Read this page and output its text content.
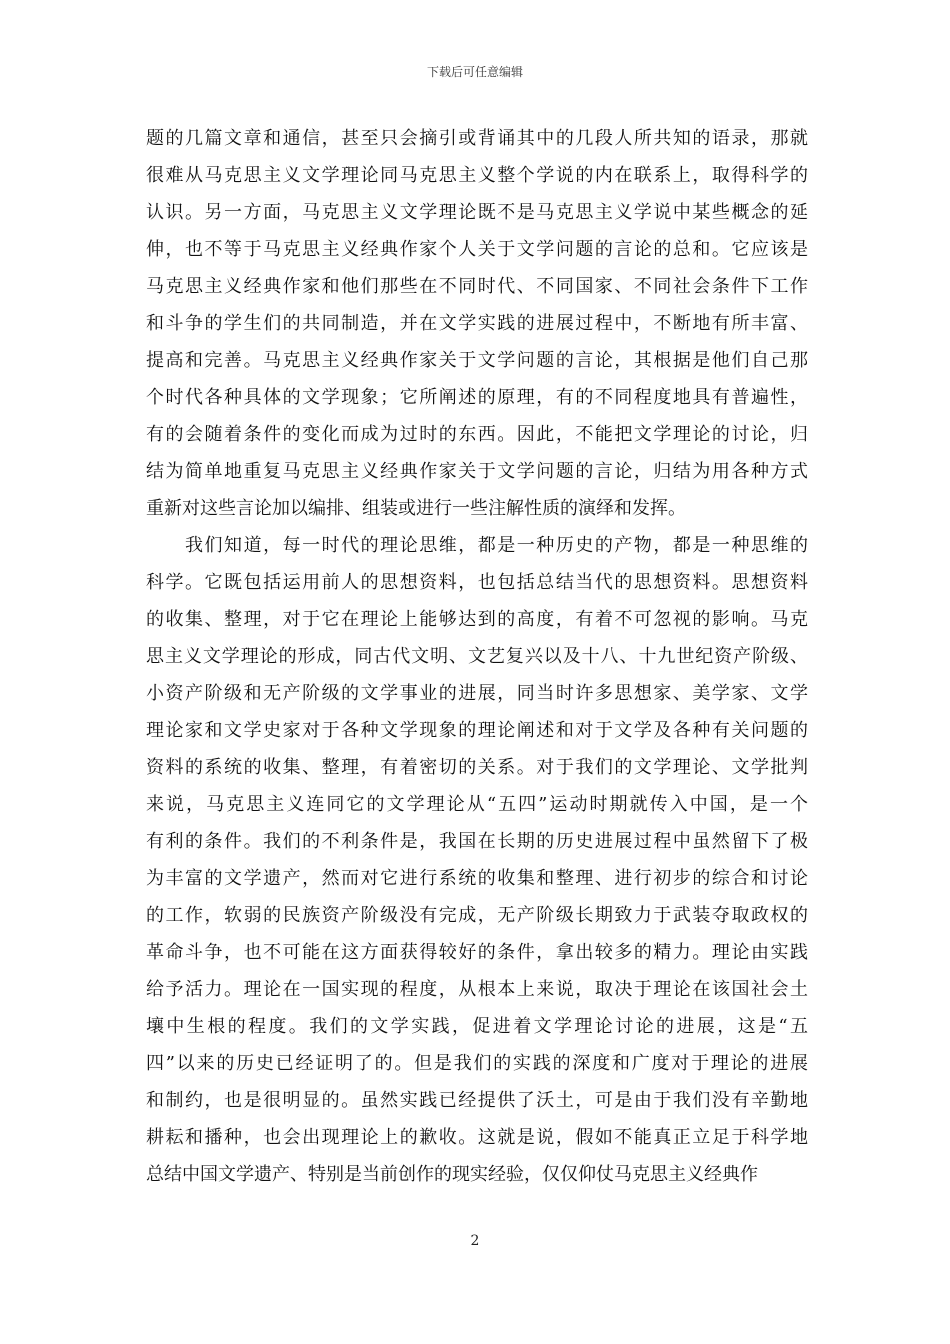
下载后可任意编辑
题的几篇文章和通信，甚至只会摘引或背诵其中的几段人所共知的语录，那就
很难从马克思主义文学理论同马克思主义整个学说的内在联系上，取得科学的
认识。另一方面，马克思主义文学理论既不是马克思主义学说中某些概念的延
伸，也不等于马克思主义经典作家个人关于文学问题的言论的总和。它应该是
马克思主义经典作家和他们那些在不同时代、不同国家、不同社会条件下工作
和斗争的学生们的共同制造，并在文学实践的进展过程中，不断地有所丰富、
提高和完善。马克思主义经典作家关于文学问题的言论，其根据是他们自己那
个时代各种具体的文学现象；它所阐述的原理，有的不同程度地具有普遍性，
有的会随着条件的变化而成为过时的东西。因此，不能把文学理论的讨论，归
结为简单地重复马克思主义经典作家关于文学问题的言论，归结为用各种方式
重新对这些言论加以编排、组装或进行一些注解性质的演绎和发挥。
　　我们知道，每一时代的理论思维，都是一种历史的产物，都是一种思维的
科学。它既包括运用前人的思想资料，也包括总结当代的思想资料。思想资料
的收集、整理，对于它在理论上能够达到的高度，有着不可忽视的影响。马克
思主义文学理论的形成，同古代文明、文艺复兴以及十八、十九世纪资产阶级、
小资产阶级和无产阶级的文学事业的进展，同当时许多思想家、美学家、文学
理论家和文学史家对于各种文学现象的理论阐述和对于文学及各种有关问题的
资料的系统的收集、整理，有着密切的关系。对于我们的文学理论、文学批判
来说，马克思主义连同它的文学理论从“五四”运动时期就传入中国，是一个
有利的条件。我们的不利条件是，我国在长期的历史进展过程中虽然留下了极
为丰富的文学遗产，然而对它进行系统的收集和整理、进行初步的综合和讨论
的工作，软弱的民族资产阶级没有完成，无产阶级长期致力于武装夺取政权的
革命斗争，也不可能在这方面获得较好的条件，拿出较多的精力。理论由实践
给予活力。理论在一国实现的程度，从根本上来说，取决于理论在该国社会土
壤中生根的程度。我们的文学实践，促进着文学理论讨论的进展，这是“五
四”以来的历史已经证明了的。但是我们的实践的深度和广度对于理论的进展
和制约，也是很明显的。虽然实践已经提供了沃土，可是由于我们没有辛勤地
耕耘和播种，也会出现理论上的歉收。这就是说，假如不能真正立足于科学地
总结中国文学遗产、特别是当前创作的现实经验，仅仅仰仗马克思主义经典作
2
